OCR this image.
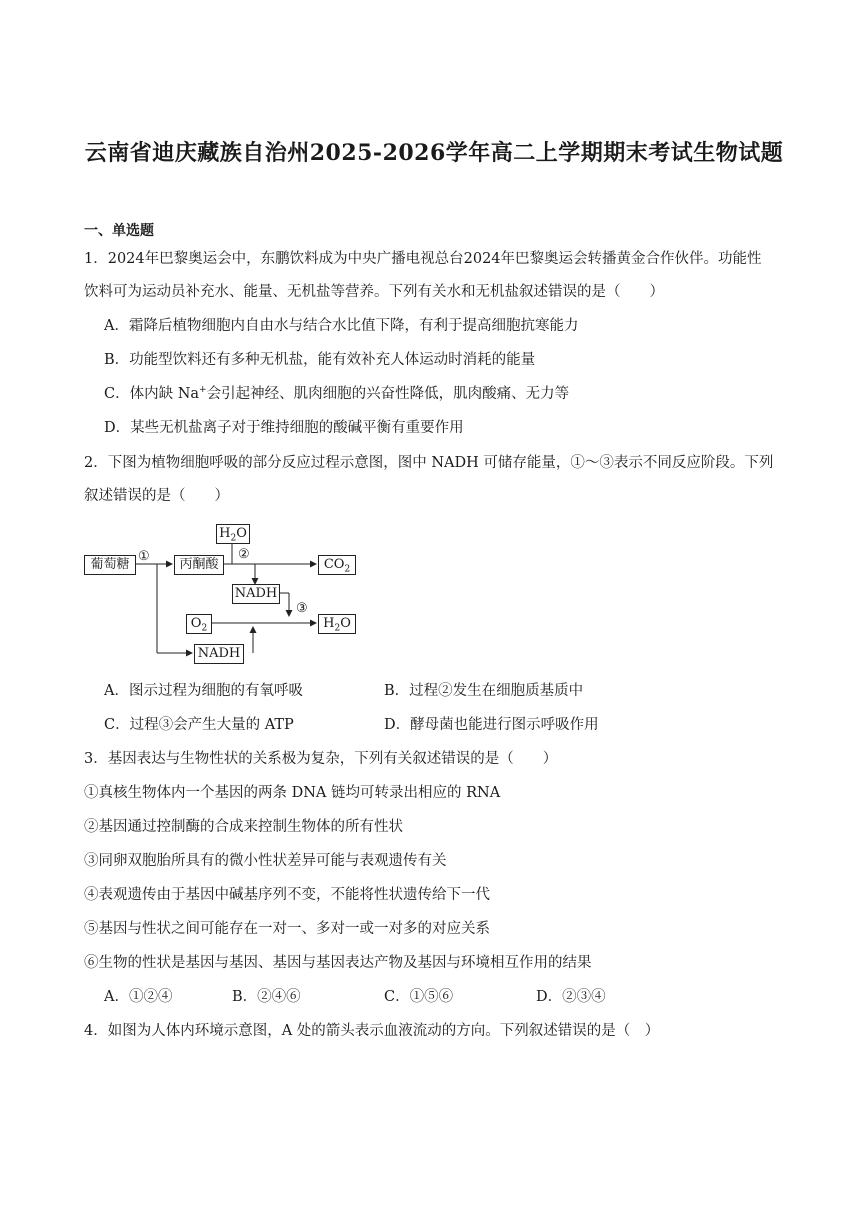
云南省迪庆藏族自治州2025-2026学年高二上学期期末考试生物试题
一、单选题
1．2024年巴黎奥运会中，东鹏饮料成为中央广播电视总台2024年巴黎奥运会转播黄金合作伙伴。功能性
饮料可为运动员补充水、能量、无机盐等营养。下列有关水和无机盐叙述错误的是（　　）
A．霜降后植物细胞内自由水与结合水比值下降，有利于提高细胞抗寒能力
B．功能型饮料还有多种无机盐，能有效补充人体运动时消耗的能量
C．体内缺 Na+会引起神经、肌肉细胞的兴奋性降低，肌肉酸痛、无力等
D．某些无机盐离子对于维持细胞的酸碱平衡有重要作用
2．下图为植物细胞呼吸的部分反应过程示意图，图中 NADH 可储存能量，①～③表示不同反应阶段。下列
叙述错误的是（　　）
葡萄糖
①
丙酮酸
$H_2O$
②
$CO_2$
NADH
③
$O_2$	$H_2O$
NADH
A．图示过程为细胞的有氧呼吸	B．过程②发生在细胞质基质中
C．过程③会产生大量的 ATP	D．酵母菌也能进行图示呼吸作用
3．基因表达与生物性状的关系极为复杂，下列有关叙述错误的是（　　）
①真核生物体内一个基因的两条 DNA 链均可转录出相应的 RNA
②基因通过控制酶的合成来控制生物体的所有性状
③同卵双胞胎所具有的微小性状差异可能与表观遗传有关
④表观遗传由于基因中碱基序列不变，不能将性状遗传给下一代
⑤基因与性状之间可能存在一对一、多对一或一对多的对应关系
⑥生物的性状是基因与基因、基因与基因表达产物及基因与环境相互作用的结果
A．①②④	B．②④⑥	C．①⑤⑥	D．②③④
4．如图为人体内环境示意图，A 处的箭头表示血液流动的方向。下列叙述错误的是（　）
